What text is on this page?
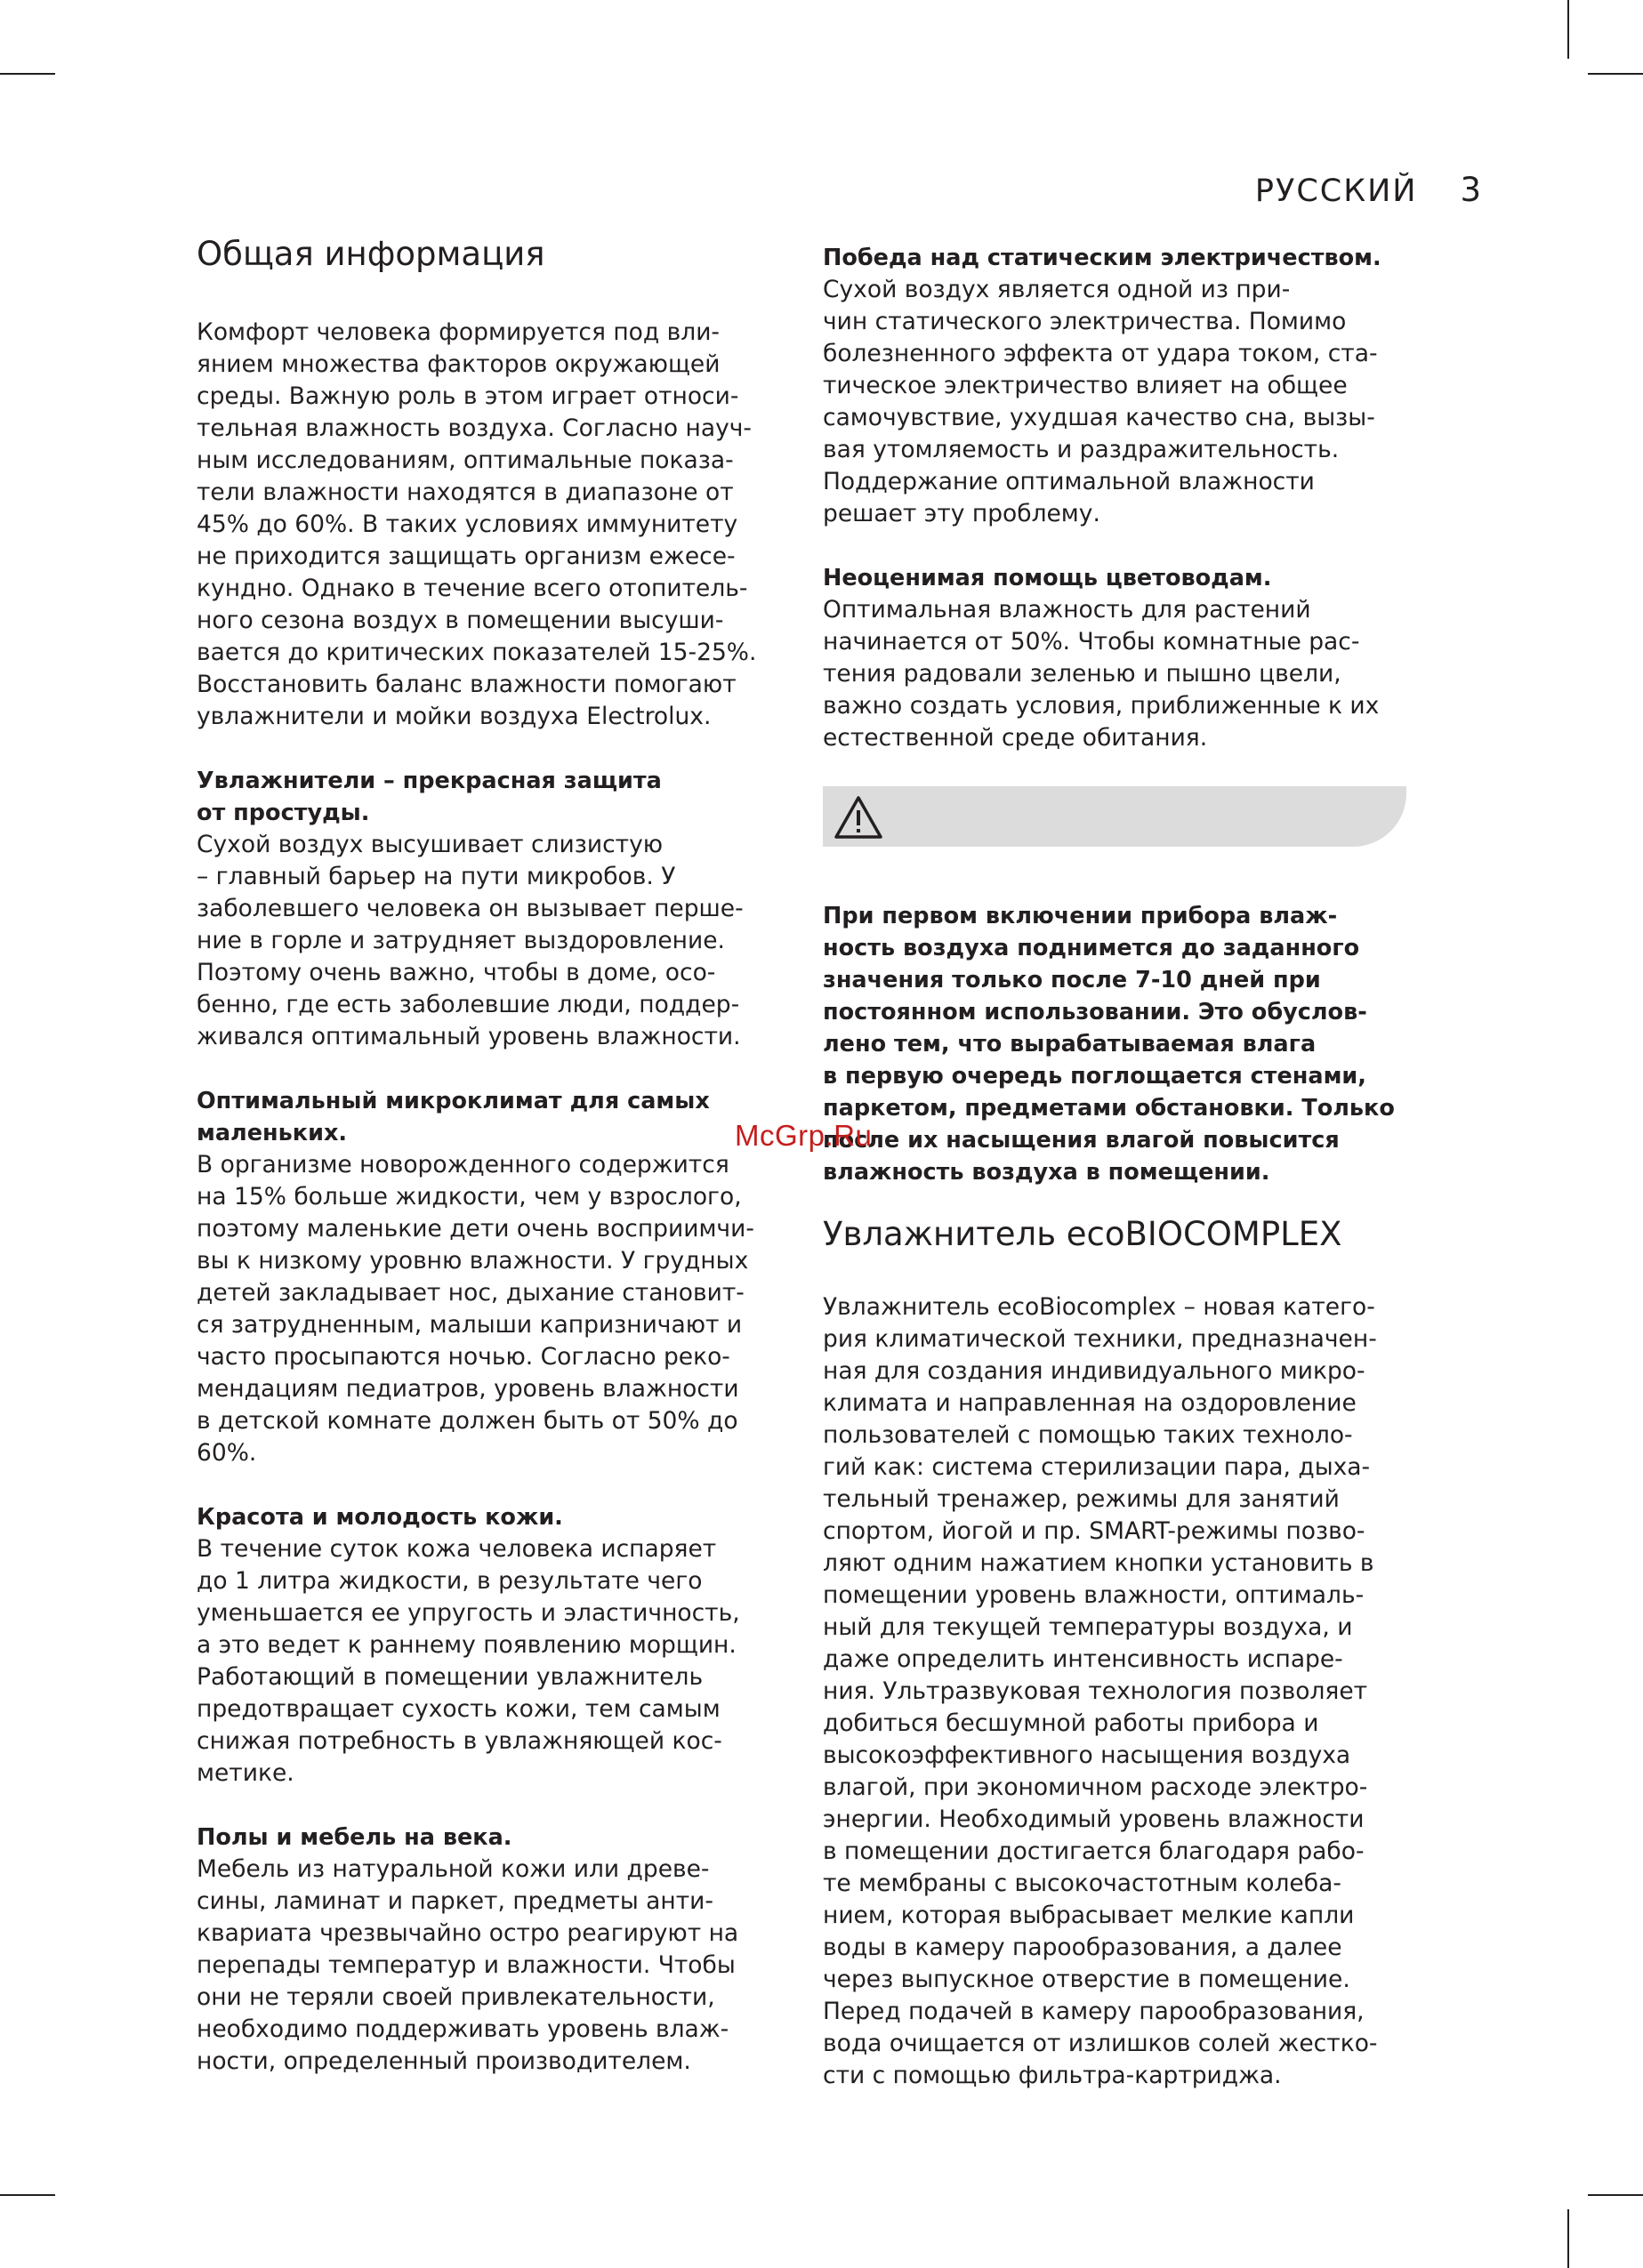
РУССКИЙ 3
Общая информация
Комфорт человека формируется под вли-
янием множества факторов окружающей
среды. Важную роль в этом играет относи-
тельная влажность воздуха. Согласно науч-
ным исследованиям, оптимальные показа-
тели влажности находятся в диапазоне от
45% до 60%. В таких условиях иммунитету
не приходится защищать организм ежесе-
кундно. Однако в течение всего отопитель-
ного сезона воздух в помещении высуши-
вается до критических показателей 15-25%.
Восстановить баланс влажности помогают
увлажнители и мойки воздуха Electrolux.
Увлажнители – прекрасная защита
от простуды.
Сухой воздух высушивает слизистую
– главный барьер на пути микробов. У
заболевшего человека он вызывает перше-
ние в горле и затрудняет выздоровление.
Поэтому очень важно, чтобы в доме, осо-
бенно, где есть заболевшие люди, поддер-
живался оптимальный уровень влажности.
Оптимальный микроклимат для самых
маленьких.
В организме новорожденного содержится
на 15% больше жидкости, чем у взрослого,
поэтому маленькие дети очень восприимчи-
вы к низкому уровню влажности. У грудных
детей закладывает нос, дыхание становит-
ся затрудненным, малыши капризничают и
часто просыпаются ночью. Согласно реко-
мендациям педиатров, уровень влажности
в детской комнате должен быть от 50% до
60%.
Красота и молодость кожи.
В течение суток кожа человека испаряет
до 1 литра жидкости, в результате чего
уменьшается ее упругость и эластичность,
а это ведет к раннему появлению морщин.
Работающий в помещении увлажнитель
предотвращает сухость кожи, тем самым
снижая потребность в увлажняющей кос-
метике.
Полы и мебель на века.
Мебель из натуральной кожи или древе-
сины, ламинат и паркет, предметы анти-
квариата чрезвычайно остро реагируют на
перепады температур и влажности. Чтобы
они не теряли своей привлекательности,
необходимо поддерживать уровень влаж-
ности, определенный производителем.
Победа над статическим электричеством.
Сухой воздух является одной из при-
чин статического электричества. Помимо
болезненного эффекта от удара током, ста-
тическое электричество влияет на общее
самочувствие, ухудшая качество сна, вызы-
вая утомляемость и раздражительность.
Поддержание оптимальной влажности
решает эту проблему.
Неоценимая помощь цветоводам.
Оптимальная влажность для растений
начинается от 50%. Чтобы комнатные рас-
тения радовали зеленью и пышно цвели,
важно создать условия, приближенные к их
естественной среде обитания.
При первом включении прибора влаж-
ность воздуха поднимется до заданного
значения только после 7-10 дней при
постоянном использовании. Это обуслов-
лено тем, что вырабатываемая влага
в первую очередь поглощается стенами,
паркетом, предметами обстановки. Только
после их насыщения влагой повысится
влажность воздуха в помещении.
Увлажнитель ecoBIOCOMPLEX
Увлажнитель ecoBiocomplex – новая катего-
рия климатической техники, предназначен-
ная для создания индивидуального микро-
климата и направленная на оздоровление
пользователей с помощью таких техноло-
гий как: система стерилизации пара, дыха-
тельный тренажер, режимы для занятий
спортом, йогой и пр. SMART-режимы позво-
ляют одним нажатием кнопки установить в
помещении уровень влажности, оптималь-
ный для текущей температуры воздуха, и
даже определить интенсивность испаре-
ния. Ультразвуковая технология позволяет
добиться бесшумной работы прибора и
высокоэффективного насыщения воздуха
влагой, при экономичном расходе электро-
энергии. Необходимый уровень влажности
в помещении достигается благодаря рабо-
те мембраны с высокочастотным колеба-
нием, которая выбрасывает мелкие капли
воды в камеру парообразования, а далее
через выпускное отверстие в помещение.
Перед подачей в камеру парообразования,
вода очищается от излишков солей жестко-
сти с помощью фильтра-картриджа.
McGrp.Ru
